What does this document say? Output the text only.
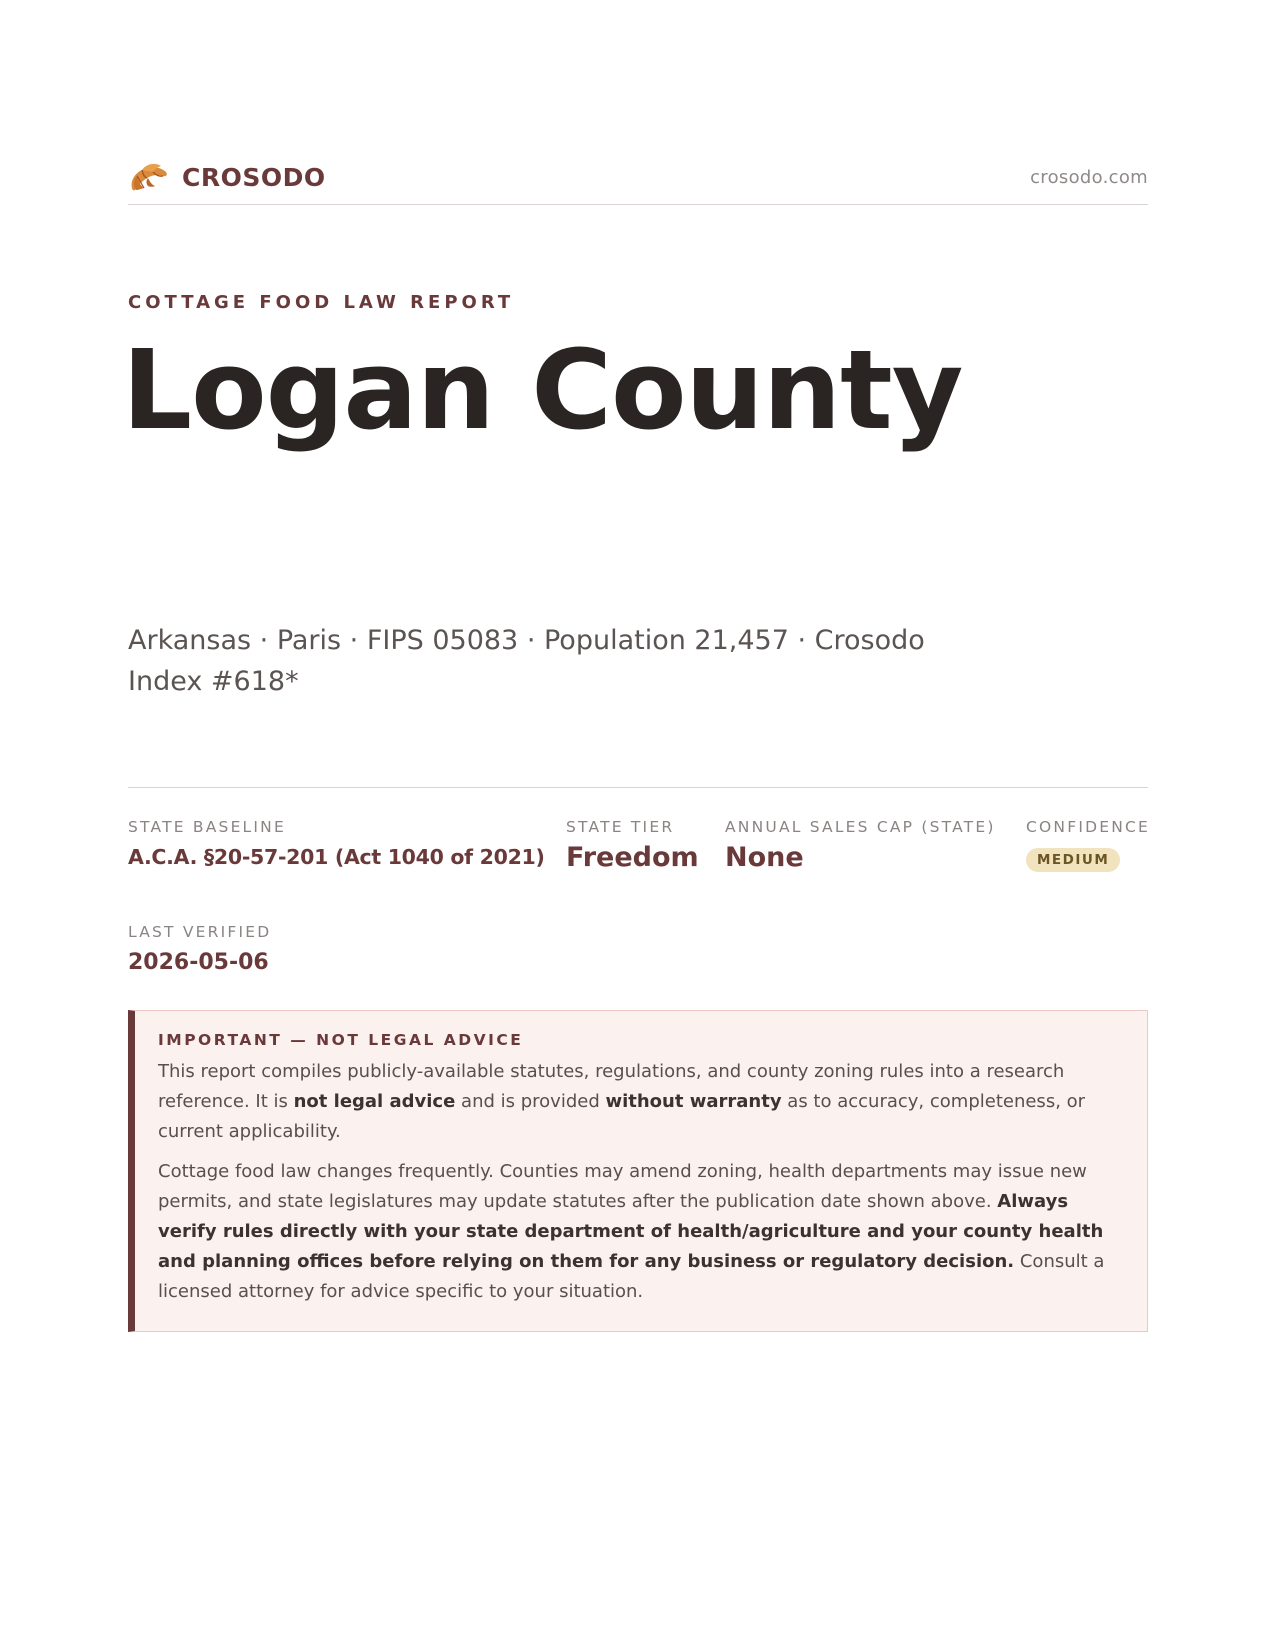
CROSODO	crosodo.com
COTTAGE FOOD LAW REPORT
Logan County
Arkansas · Paris · FIPS 05083 · Population 21,457 · Crosodo Index #618*
STATE BASELINE
A.C.A. §20-57-201 (Act 1040 of 2021)
STATE TIER
Freedom
ANNUAL SALES CAP (STATE)
None
CONFIDENCE
MEDIUM
LAST VERIFIED
2026-05-06
IMPORTANT — NOT LEGAL ADVICE

This report compiles publicly-available statutes, regulations, and county zoning rules into a research reference. It is not legal advice and is provided without warranty as to accuracy, completeness, or current applicability.

Cottage food law changes frequently. Counties may amend zoning, health departments may issue new permits, and state legislatures may update statutes after the publication date shown above. Always verify rules directly with your state department of health/agriculture and your county health and planning offices before relying on them for any business or regulatory decision. Consult a licensed attorney for advice specific to your situation.
